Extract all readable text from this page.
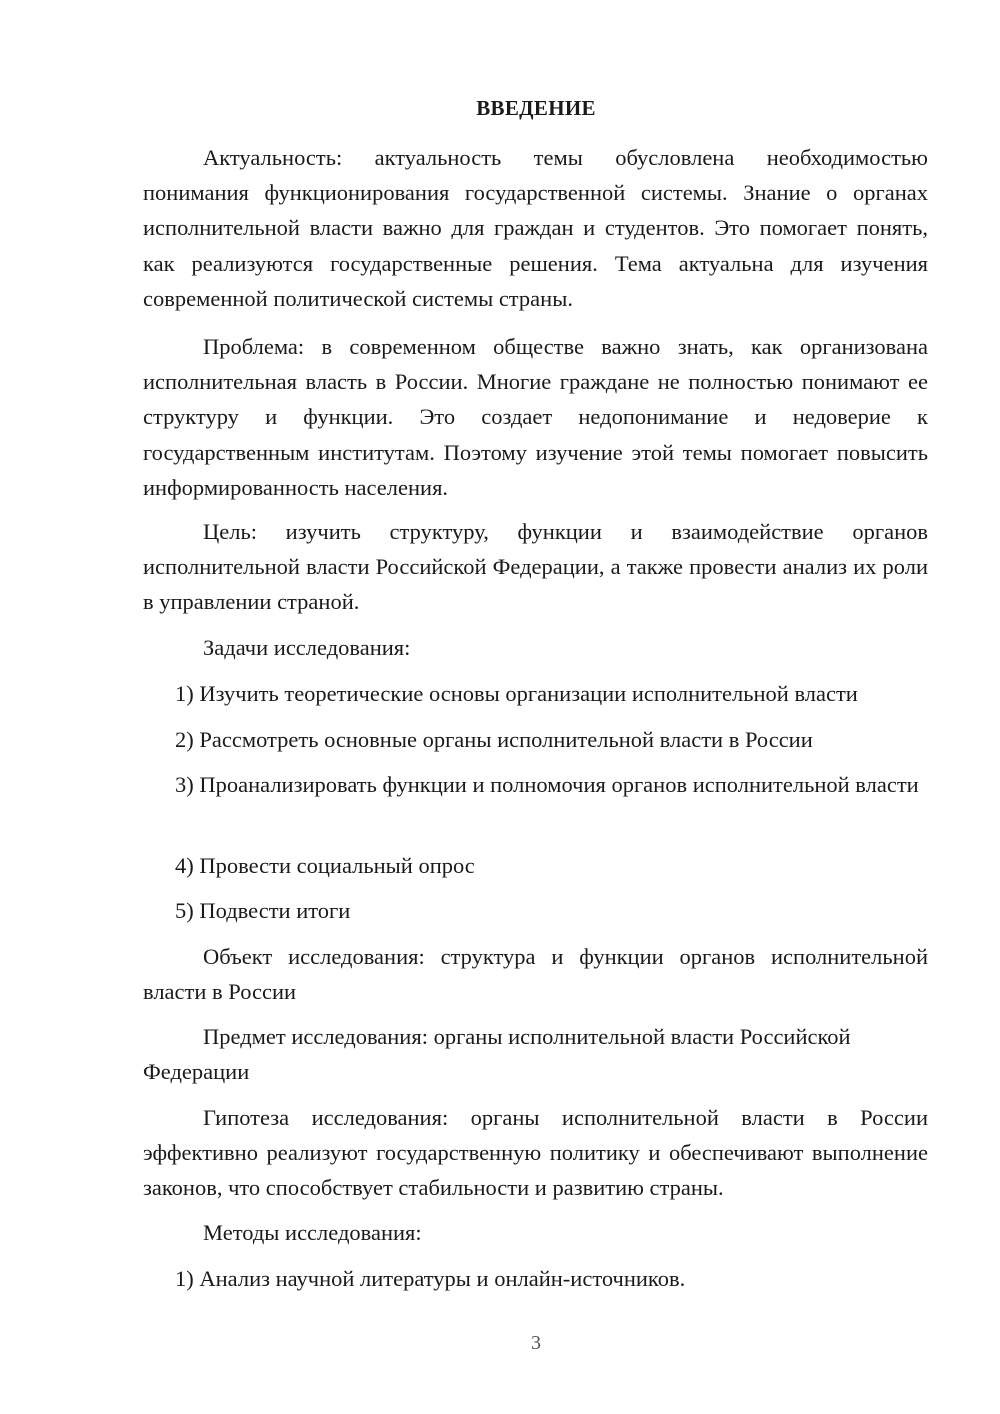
ВВЕДЕНИЕ

Актуальность: актуальность темы обусловлена необходимостью понимания функционирования государственной системы. Знание о органах исполнительной власти важно для граждан и студентов. Это помогает понять, как реализуются государственные решения. Тема актуальна для изучения современной политической системы страны.

Проблема: в современном обществе важно знать, как организована исполнительная власть в России. Многие граждане не полностью понимают ее структуру и функции. Это создает недопонимание и недоверие к государственным институтам. Поэтому изучение этой темы помогает повысить информированность населения.

Цель: изучить структуру, функции и взаимодействие органов исполнительной власти Российской Федерации, а также провести анализ их роли в управлении страной.

Задачи исследования:

1) Изучить теоретические основы организации исполнительной власти

2) Рассмотреть основные органы исполнительной власти в России

3) Проанализировать функции и полномочия органов исполнительной власти

4) Провести социальный опрос

5) Подвести итоги

Объект исследования: структура и функции органов исполнительной власти в России

Предмет исследования: органы исполнительной власти Российской Федерации

Гипотеза исследования: органы исполнительной власти в России эффективно реализуют государственную политику и обеспечивают выполнение законов, что способствует стабильности и развитию страны.

Методы исследования:

1) Анализ научной литературы и онлайн-источников.

3
